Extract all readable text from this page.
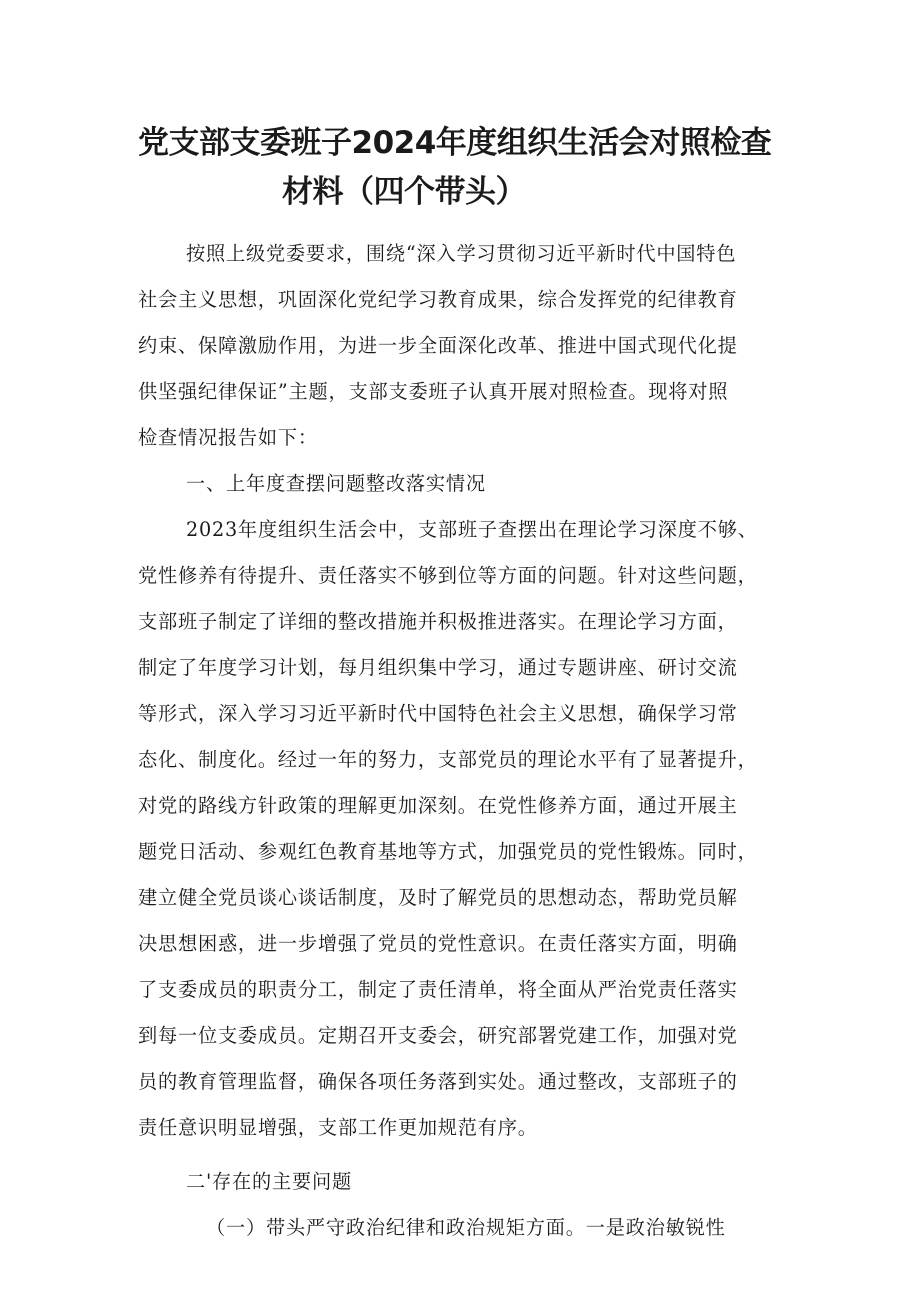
党支部支委班子2024年度组织生活会对照检查
材料（四个带头）
按照上级党委要求，围绕“深入学习贯彻习近平新时代中国特色
社会主义思想，巩固深化党纪学习教育成果，综合发挥党的纪律教育
约束、保障激励作用，为进一步全面深化改革、推进中国式现代化提
供坚强纪律保证”主题，支部支委班子认真开展对照检查。现将对照
检查情况报告如下：
一、上年度查摆问题整改落实情况
2023年度组织生活会中，支部班子查摆出在理论学习深度不够、
党性修养有待提升、责任落实不够到位等方面的问题。针对这些问题，
支部班子制定了详细的整改措施并积极推进落实。在理论学习方面，
制定了年度学习计划，每月组织集中学习，通过专题讲座、研讨交流
等形式，深入学习习近平新时代中国特色社会主义思想，确保学习常
态化、制度化。经过一年的努力，支部党员的理论水平有了显著提升，
对党的路线方针政策的理解更加深刻。在党性修养方面，通过开展主
题党日活动、参观红色教育基地等方式，加强党员的党性锻炼。同时，
建立健全党员谈心谈话制度，及时了解党员的思想动态，帮助党员解
决思想困惑，进一步增强了党员的党性意识。在责任落实方面，明确
了支委成员的职责分工，制定了责任清单，将全面从严治党责任落实
到每一位支委成员。定期召开支委会，研究部署党建工作，加强对党
员的教育管理监督，确保各项任务落到实处。通过整改，支部班子的
责任意识明显增强，支部工作更加规范有序。
二'存在的主要问题
（一）带头严守政治纪律和政治规矩方面。一是政治敏锐性
